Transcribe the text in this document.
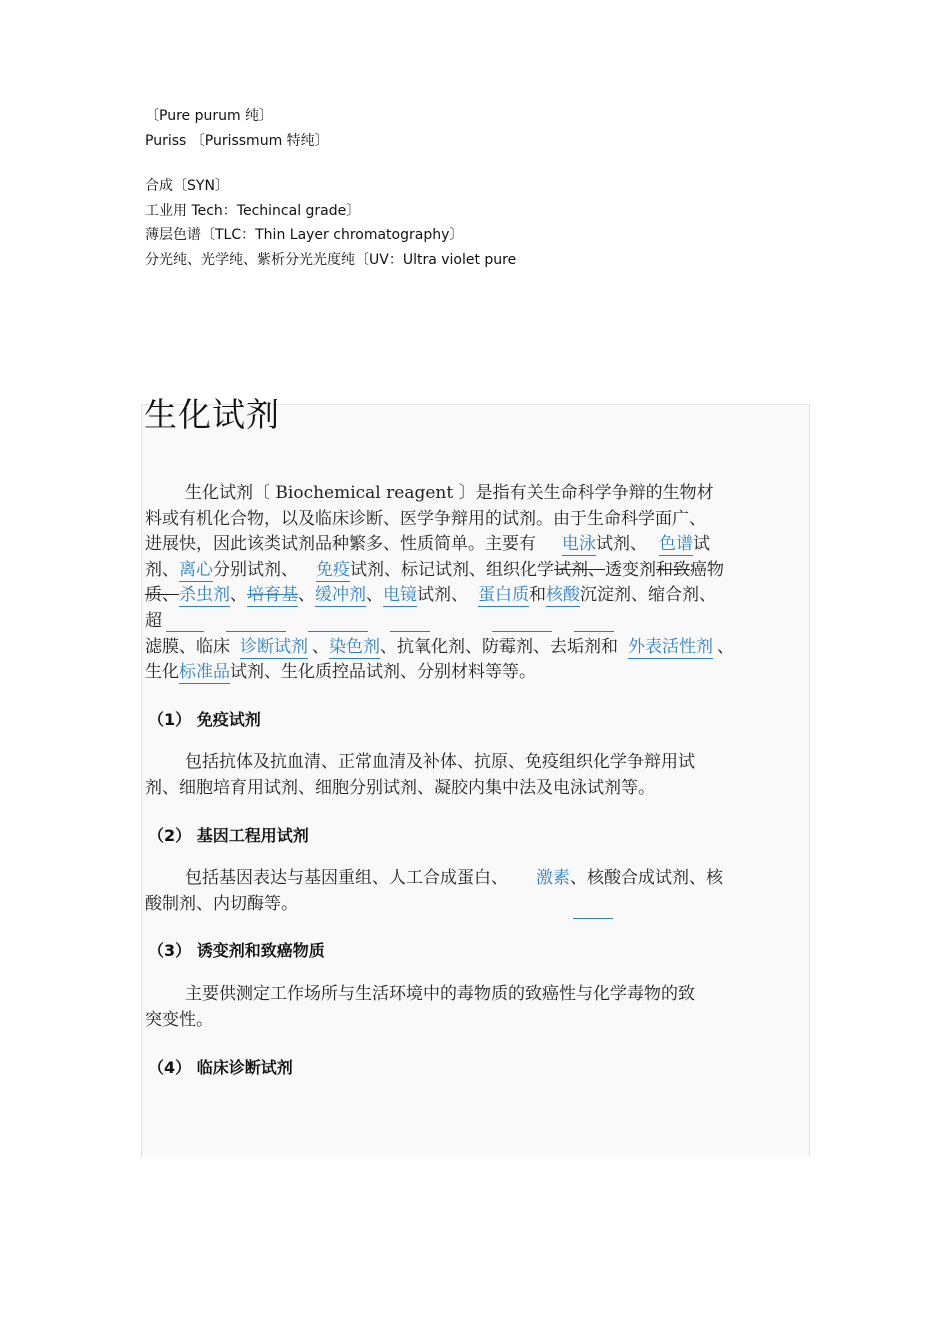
〔Pure purum 纯〕
Puriss 〔Purissmum 特纯〕
合成〔SYN〕
工业用 Tech：Techincal grade〕
薄层色谱〔TLC：Thin Layer chromatography〕
分光纯、光学纯、紫析分光光度纯〔UV：Ultra violet pure
生化试剂

生化试剂〔 Biochemical reagent 〕是指有关生命科学争辩的生物材

料或有机化合物，以及临床诊断、医学争辩用的试剂。由于生命科学面广、

进展快，因此该类试剂品种繁多、性质简单。主要有 电泳试剂、 色谱试

剂、离心分别试剂、 免疫试剂、标记试剂、组织化学试剂、透变剂和致癌物

质、杀虫剂、培育基、缓冲剂、电镜试剂、 蛋白质和核酸沉淀剂、缩合剂、

超

滤膜、临床 诊断试剂 、染色剂、抗氧化剂、防霉剂、去垢剂和 外表活性剂 、

生化标准品试剂、生化质控品试剂、分别材料等等。

（1） 免疫试剂

包括抗体及抗血清、正常血清及补体、抗原、免疫组织化学争辩用试

剂、细胞培育用试剂、细胞分别试剂、凝胶内集中法及电泳试剂等。

（2） 基因工程用试剂

包括基因表达与基因重组、人工合成蛋白、 激素、核酸合成试剂、核

酸制剂、内切酶等。

（3） 诱变剂和致癌物质

主要供测定工作场所与生活环境中的毒物质的致癌性与化学毒物的致

突变性。

（4） 临床诊断试剂
